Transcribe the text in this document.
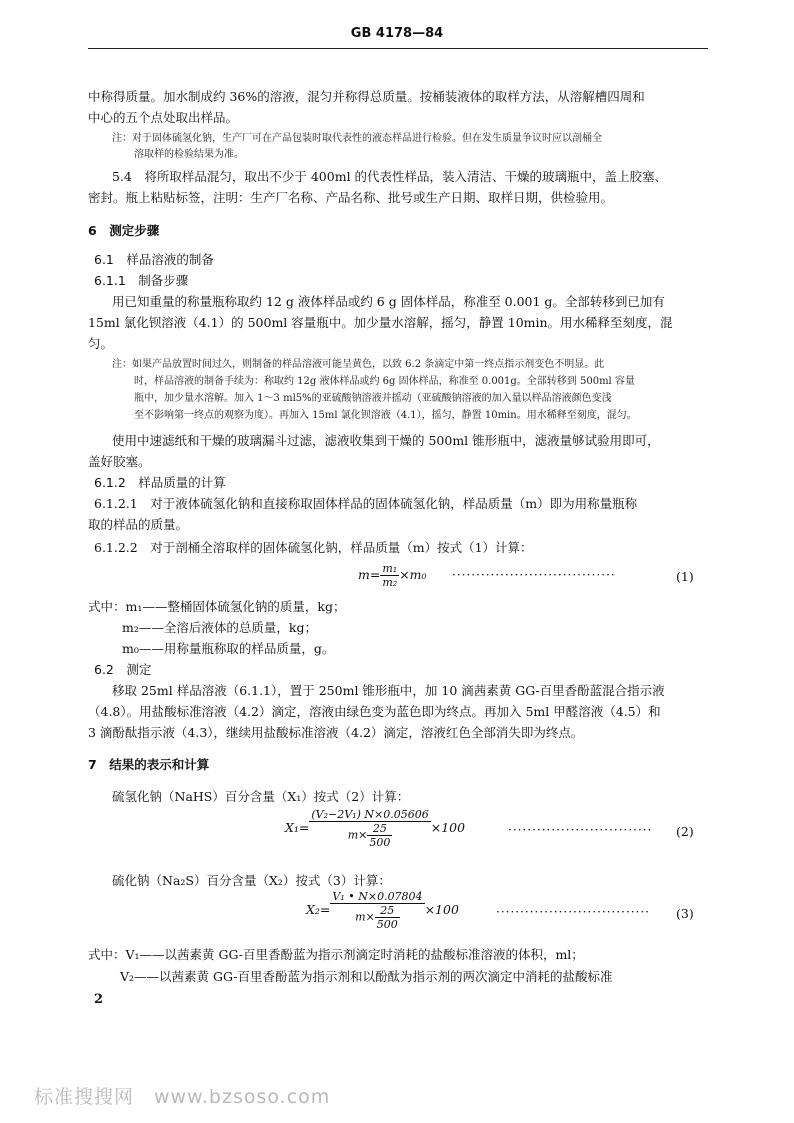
GB 4178—84
中称得质量。加水制成约 36%的溶液，混匀并称得总质量。按桶装液体的取样方法，从溶解槽四周和
中心的五个点处取出样品。
注：对于固体硫氢化钠，生产厂可在产品包装时取代表性的液态样品进行检验。但在发生质量争议时应以剖桶全
溶取样的检验结果为准。
5.4　将所取样品混匀，取出不少于 400ml 的代表性样品，装入清洁、干燥的玻璃瓶中，盖上胶塞、
密封。瓶上粘贴标签，注明：生产厂名称、产品名称、批号或生产日期、取样日期，供检验用。
6　测定步骤
6.1　样品溶液的制备
6.1.1　制备步骤
用已知重量的称量瓶称取约 12 g 液体样品或约 6 g 固体样品，称准至 0.001 g。全部转移到已加有
15ml 氯化钡溶液（4.1）的 500ml 容量瓶中。加少量水溶解，摇匀，静置 10min。用水稀释至刻度，混
匀。
注：如果产品放置时间过久，则制备的样品溶液可能呈黄色，以致 6.2 条滴定中第一终点指示剂变色不明显。此
时，样品溶液的制备手续为：称取约 12g 液体样品或约 6g 固体样品，称准至 0.001g。全部转移到 500ml 容量
瓶中，加少量水溶解。加入 1～3 ml5%的亚硫酸钠溶液并摇动（亚硫酸钠溶液的加入量以样品溶液颜色变浅
至不影响第一终点的观察为度）。再加入 15ml 氯化钡溶液（4.1），摇匀，静置 10min。用水稀释至刻度，混匀。
使用中速滤纸和干燥的玻璃漏斗过滤，滤液收集到干燥的 500ml 锥形瓶中，滤液量够试验用即可，
盖好胶塞。
6.1.2　样品质量的计算
6.1.2.1　对于液体硫氢化钠和直接称取固体样品的固体硫氢化钠，样品质量（m）即为用称量瓶称
取的样品的质量。
6.1.2.2　对于剖桶全溶取样的固体硫氢化钠，样品质量（m）按式（1）计算：
$m= \frac{\text{m₁}}{\text{m₂}} \times m_0$ ··································	(1)
式中：m₁——整桶固体硫氢化钠的质量，kg；
m₂——全溶后液体的总质量，kg；
m₀——用称量瓶称取的样品质量，g。
6.2　测定
移取 25ml 样品溶液（6.1.1），置于 250ml 锥形瓶中，加 10 滴茜素黄 GG-百里香酚蓝混合指示液
（4.8）。用盐酸标准溶液（4.2）滴定，溶液由绿色变为蓝色即为终点。再加入 5ml 甲醛溶液（4.5）和
3 滴酚酞指示液（4.3），继续用盐酸标准溶液（4.2）滴定，溶液红色全部消失即为终点。
7　结果的表示和计算
硫氢化钠（NaHS）百分含量（X₁）按式（2）计算：
$X_1= \frac{\text{(V₂−2V₁) N×0.05606}}{m\times \frac{25}{500}} \times 100$	······························ (2)
硫化钠（Na₂S）百分含量（X₂）按式（3）计算：
$X_2= \frac{\text{V₁ • N×0.07804}}{m\times \frac{25}{500}} \times 100$	································ (3)
式中：V₁——以茜素黄 GG-百里香酚蓝为指示剂滴定时消耗的盐酸标准溶液的体积，ml；
V₂——以茜素黄 GG-百里香酚蓝为指示剂和以酚酞为指示剂的两次滴定中消耗的盐酸标准
2
标准搜搜网　www.bzsoso.com
